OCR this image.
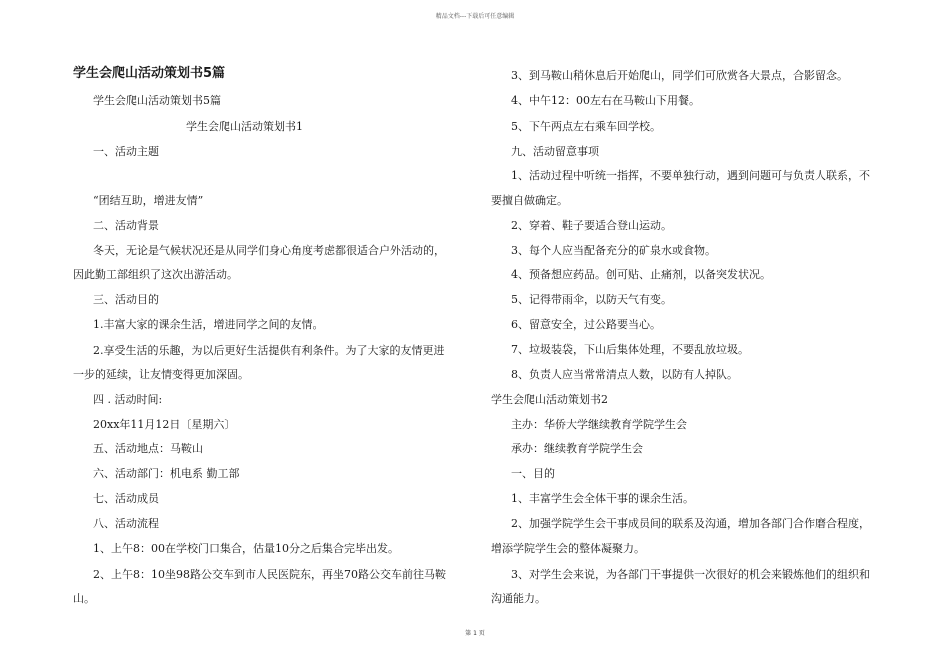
精品文档---下载后可任意编辑
学生会爬山活动策划书5篇
学生会爬山活动策划书5篇
学生会爬山活动策划书1
一、活动主题
“团结互助，增进友情”
二、活动背景
冬天，无论是气候状况还是从同学们身心角度考虑都很适合户外活动的，
因此勤工部组织了这次出游活动。
三、活动目的
1.丰富大家的课余生活，增进同学之间的友情。
2.享受生活的乐趣，为以后更好生活提供有利条件。为了大家的友情更进
一步的延续，让友情变得更加深固。
四 . 活动时间:
20xx年11月12日〔星期六〕
五、活动地点：马鞍山
六、活动部门：机电系 勤工部
七、活动成员
八、活动流程
1、上午8：00在学校门口集合，估量10分之后集合完毕出发。
2、上午8：10坐98路公交车到市人民医院东，再坐70路公交车前往马鞍
山。
3、到马鞍山稍休息后开始爬山，同学们可欣赏各大景点，合影留念。
4、中午12：00左右在马鞍山下用餐。
5、下午两点左右乘车回学校。
九、活动留意事项
1、活动过程中听统一指挥，不要单独行动，遇到问题可与负责人联系，不
要擅自做确定。
2、穿着、鞋子要适合登山运动。
3、每个人应当配备充分的矿泉水或食物。
4、预备想应药品。创可贴、止痛剂，以备突发状况。
5、记得带雨伞，以防天气有变。
6、留意安全，过公路要当心。
7、垃圾装袋，下山后集体处理，不要乱放垃圾。
8、负责人应当常常清点人数，以防有人掉队。
学生会爬山活动策划书2
主办：华侨大学继续教育学院学生会
承办：继续教育学院学生会
一、目的
1、丰富学生会全体干事的课余生活。
2、加强学院学生会干事成员间的联系及沟通，增加各部门合作磨合程度，
增添学院学生会的整体凝聚力。
3、对学生会来说，为各部门干事提供一次很好的机会来锻炼他们的组织和
沟通能力。
第 1 页
